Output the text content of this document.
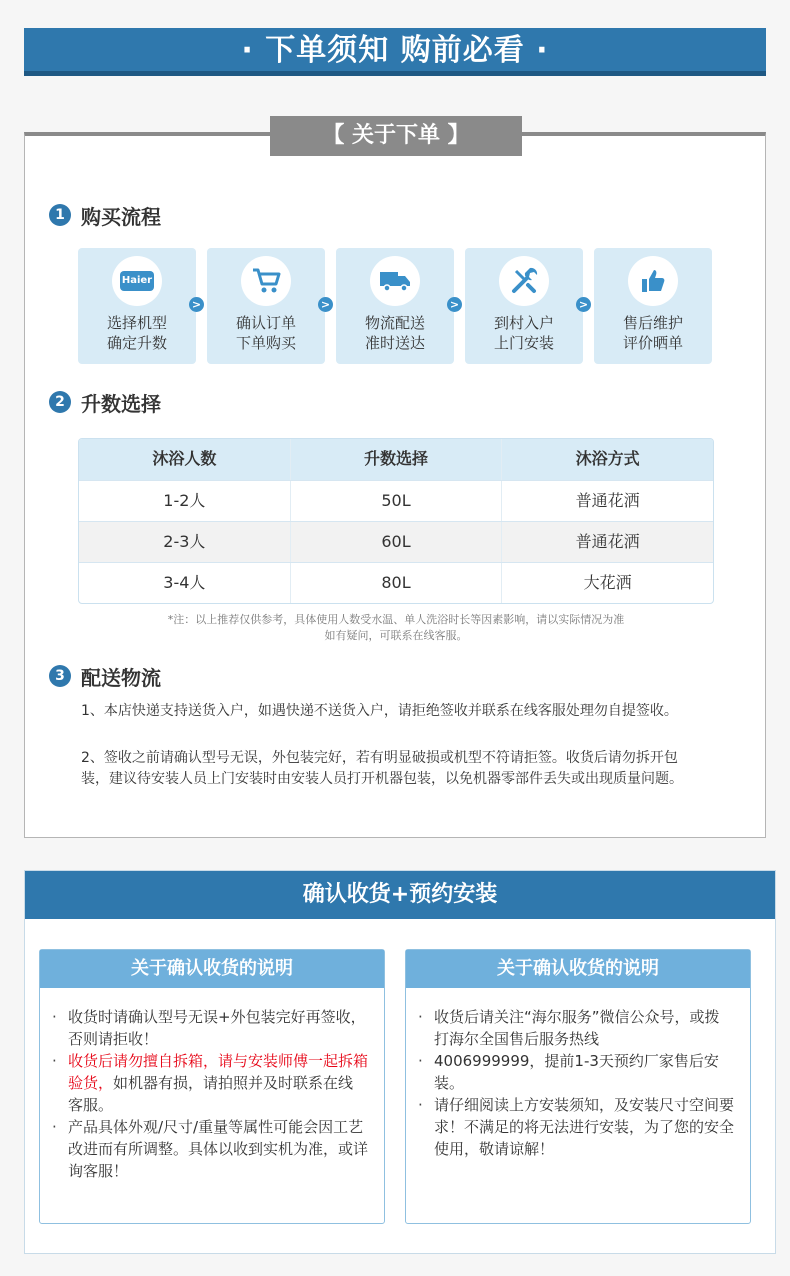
· 下单须知 购前必看 ·
【 关于下单 】
1 购买流程
Haier
选择机型
确定升数
>
确认订单
下单购买
>
物流配送
准时送达
>
到村入户
上门安装
>
售后维护
评价晒单
2 升数选择
沐浴人数	升数选择	沐浴方式
1-2人	50L	普通花洒
2-3人	60L	普通花洒
3-4人	80L	大花洒
*注：以上推荐仅供参考，具体使用人数受水温、单人洗浴时长等因素影响，请以实际情况为准
如有疑问，可联系在线客服。
3 配送物流
1、本店快递支持送货入户，如遇快递不送货入户，请拒绝签收并联系在线客服处理勿自提签收。
2、签收之前请确认型号无误，外包装完好，若有明显破损或机型不符请拒签。收货后请勿拆开包装，建议待安装人员上门安装时由安装人员打开机器包装，以免机器零部件丢失或出现质量问题。
确认收货+预约安装
关于确认收货的说明
· 收货时请确认型号无误+外包装完好再签收，否则请拒收！
· 收货后请勿擅自拆箱，请与安装师傅一起拆箱验货，如机器有损，请拍照并及时联系在线客服。
· 产品具体外观/尺寸/重量等属性可能会因工艺改进而有所调整。具体以收到实机为准，或详询客服！
关于确认收货的说明
· 收货后请关注“海尔服务”微信公众号，或拨打海尔全国售后服务热线
· 4006999999，提前1-3天预约厂家售后安装。
· 请仔细阅读上方安装须知，及安装尺寸空间要求！不满足的将无法进行安装，为了您的安全使用，敬请谅解！
